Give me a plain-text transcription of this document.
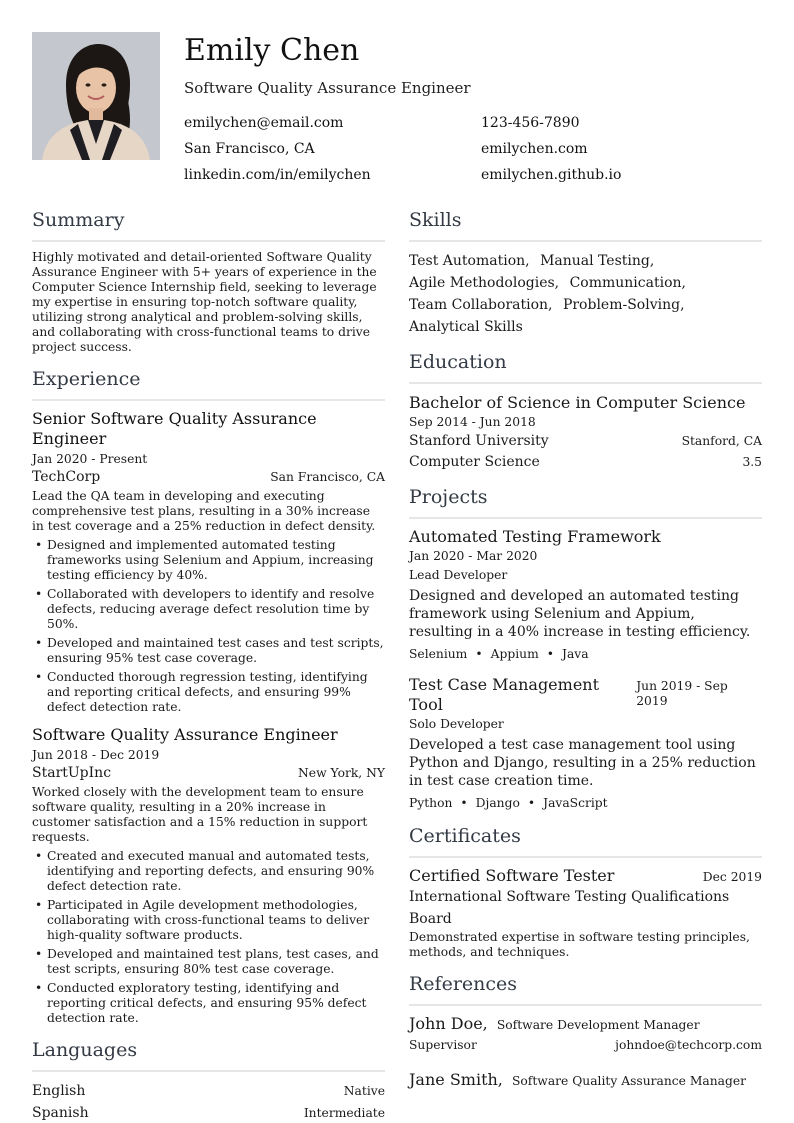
Emily Chen
Software Quality Assurance Engineer
emilychen@email.com	123-456-7890
San Francisco, CA	emilychen.com
linkedin.com/in/emilychen	emilychen.github.io
Summary

Highly motivated and detail-oriented Software Quality Assurance Engineer with 5+ years of experience in the Computer Science Internship field, seeking to leverage my expertise in ensuring top-notch software quality, utilizing strong analytical and problem-solving skills, and collaborating with cross-functional teams to drive project success.

Experience
Senior Software Quality Assurance Engineer
Jan 2020 - Present
TechCorp	San Francisco, CA

Lead the QA team in developing and executing comprehensive test plans, resulting in a 30% increase in test coverage and a 25% reduction in defect density.

• Designed and implemented automated testing frameworks using Selenium and Appium, increasing testing efficiency by 40%.
• Collaborated with developers to identify and resolve defects, reducing average defect resolution time by 50%.
• Developed and maintained test cases and test scripts, ensuring 95% test case coverage.
• Conducted thorough regression testing, identifying and reporting critical defects, and ensuring 99% defect detection rate.
Software Quality Assurance Engineer
Jun 2018 - Dec 2019
StartUpInc	New York, NY

Worked closely with the development team to ensure software quality, resulting in a 20% increase in customer satisfaction and a 15% reduction in support requests.

• Created and executed manual and automated tests, identifying and reporting defects, and ensuring 90% defect detection rate.
• Participated in Agile development methodologies, collaborating with cross-functional teams to deliver high-quality software products.
• Developed and maintained test plans, test cases, and test scripts, ensuring 80% test case coverage.
• Conducted exploratory testing, identifying and reporting critical defects, and ensuring 95% defect detection rate.
Languages
English	Native
Spanish	Intermediate
Skills
Test Automation, Manual Testing,
Agile Methodologies, Communication,
Team Collaboration, Problem-Solving,
Analytical Skills
Education
Bachelor of Science in Computer Science
Sep 2014 - Jun 2018
Stanford University	Stanford, CA
Computer Science	3.5
Projects
Automated Testing Framework
Jan 2020 - Mar 2020
Lead Developer

Designed and developed an automated testing framework using Selenium and Appium, resulting in a 40% increase in testing efficiency.

Selenium • Appium • Java
Test Case Management Tool
Jun 2019 - Sep 2019
Solo Developer

Developed a test case management tool using Python and Django, resulting in a 25% reduction in test case creation time.

Python • Django • JavaScript
Certificates
Certified Software Tester	Dec 2019
International Software Testing Qualifications Board

Demonstrated expertise in software testing principles, methods, and techniques.

References
John Doe, Software Development Manager
Supervisor	johndoe@techcorp.com
Jane Smith, Software Quality Assurance Manager
